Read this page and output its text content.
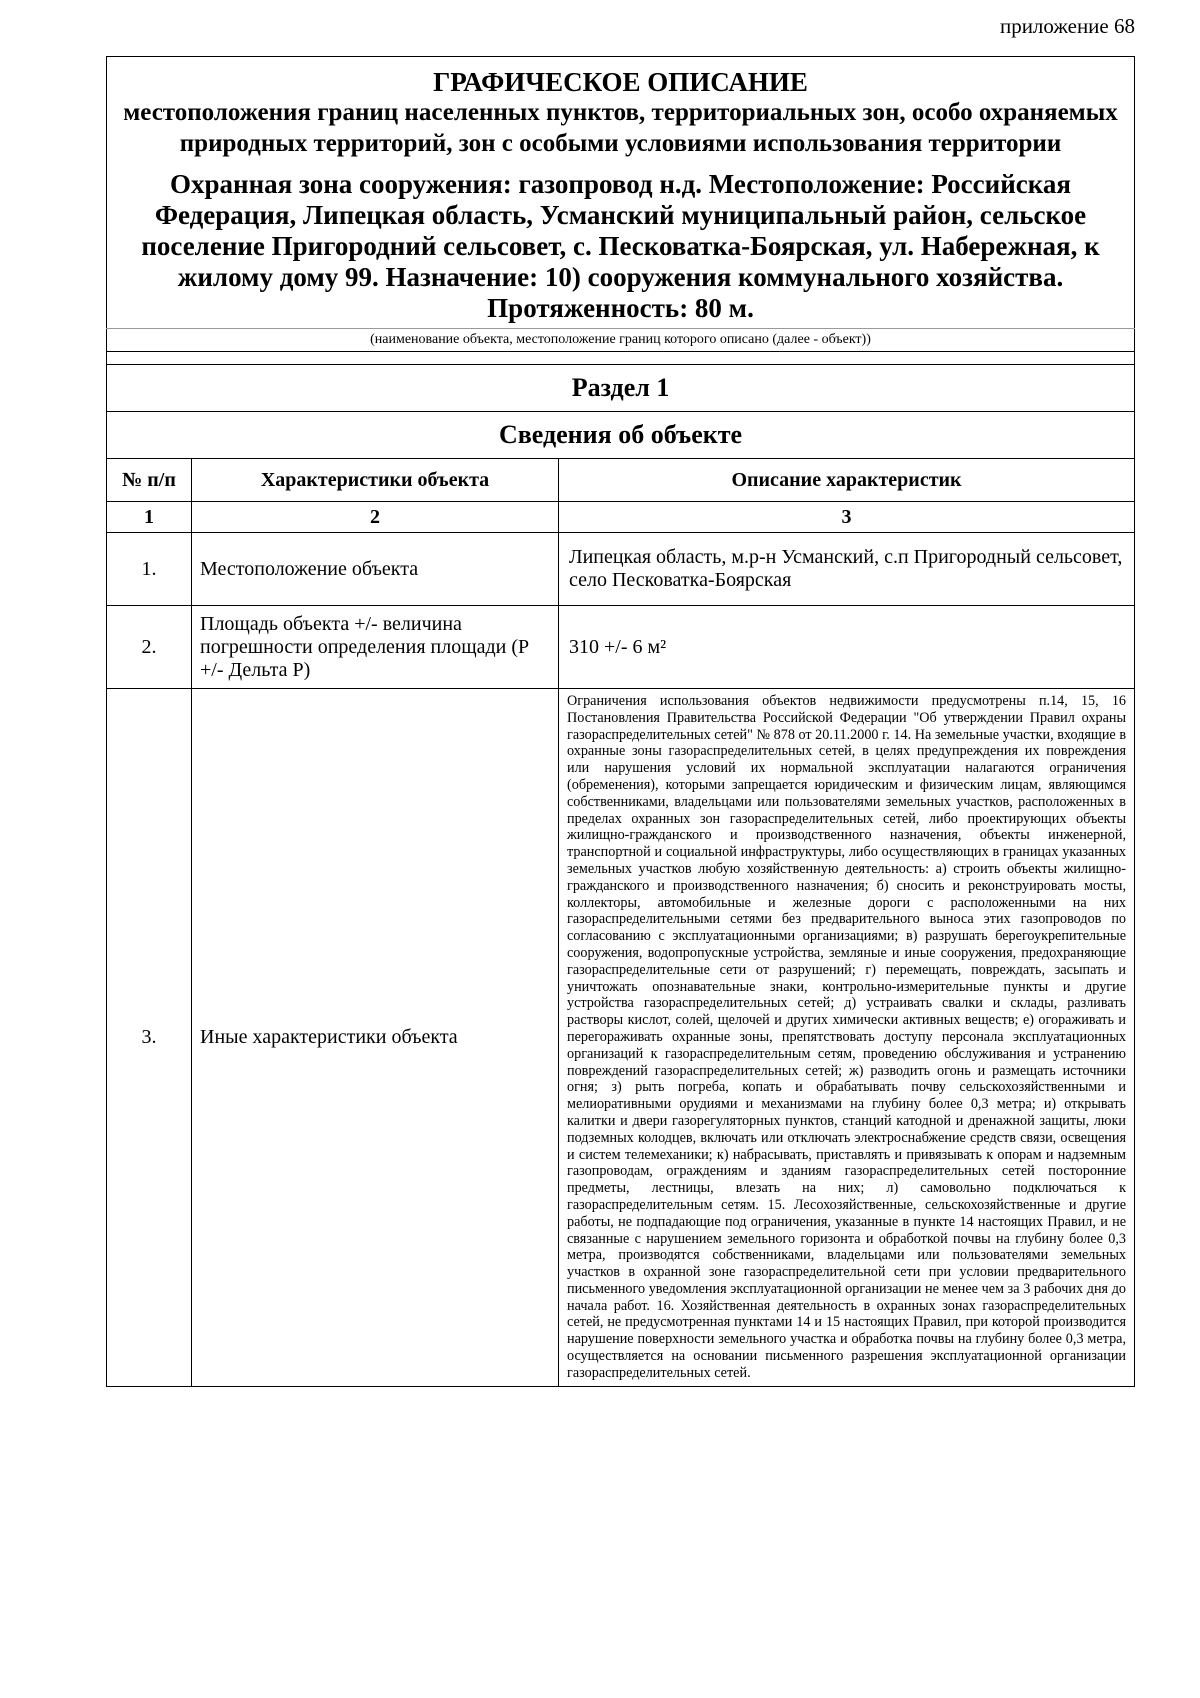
приложение 68
ГРАФИЧЕСКОЕ ОПИСАНИЕ
местоположения границ населенных пунктов, территориальных зон, особо охраняемых природных территорий, зон с особыми условиями использования территории
Охранная зона сооружения: газопровод н.д. Местоположение: Российская Федерация, Липецкая область, Усманский муниципальный район, сельское поселение Пригородний сельсовет, с. Песковатка-Боярская, ул. Набережная, к жилому дому 99. Назначение: 10) сооружения коммунального хозяйства. Протяженность: 80 м.		

(наименование объекта, местоположение границ которого описано (далее - объект))		

Раздел 1		
Сведения об объекте		
№ п/п	Характеристики объекта	Описание характеристик
1	2	3
1.	Местоположение объекта	Липецкая область, м.р-н Усманский, с.п Пригородный сельсовет, село Песковатка-Боярская
2.	Площадь объекта +/- величина погрешности определения площади (Р +/- Дельта Р)	310 +/- 6 м²
3.	Иные характеристики объекта	Ограничения использования объектов недвижимости предусмотрены п.14, 15, 16 Постановления Правительства Российской Федерации "Об утверждении Правил охраны газораспределительных сетей" № 878 от 20.11.2000 г. 14. На земельные участки, входящие в охранные зоны газораспределительных сетей, в целях предупреждения их повреждения или нарушения условий их нормальной эксплуатации налагаются ограничения (обременения), которыми запрещается юридическим и физическим лицам, являющимся собственниками, владельцами или пользователями земельных участков, расположенных в пределах охранных зон газораспределительных сетей, либо проектирующих объекты жилищно-гражданского и производственного назначения, объекты инженерной, транспортной и социальной инфраструктуры, либо осуществляющих в границах указанных земельных участков любую хозяйственную деятельность: а) строить объекты жилищно-гражданского и производственного назначения; б) сносить и реконструировать мосты, коллекторы, автомобильные и железные дороги с расположенными на них газораспределительными сетями без предварительного выноса этих газопроводов по согласованию с эксплуатационными организациями; в) разрушать берегоукрепительные сооружения, водопропускные устройства, земляные и иные сооружения, предохраняющие газораспределительные сети от разрушений; г) перемещать, повреждать, засыпать и уничтожать опознавательные знаки, контрольно-измерительные пункты и другие устройства газораспределительных сетей; д) устраивать свалки и склады, разливать растворы кислот, солей, щелочей и других химически активных веществ; е) огораживать и перегораживать охранные зоны, препятствовать доступу персонала эксплуатационных организаций к газораспределительным сетям, проведению обслуживания и устранению повреждений газораспределительных сетей; ж) разводить огонь и размещать источники огня; з) рыть погреба, копать и обрабатывать почву сельскохозяйственными и мелиоративными орудиями и механизмами на глубину более 0,3 метра; и) открывать калитки и двери газорегуляторных пунктов, станций катодной и дренажной защиты, люки подземных колодцев, включать или отключать электроснабжение средств связи, освещения и систем телемеханики; к) набрасывать, приставлять и привязывать к опорам и надземным газопроводам, ограждениям и зданиям газораспределительных сетей посторонние предметы, лестницы, влезать на них; л) самовольно подключаться к газораспределительным сетям. 15. Лесохозяйственные, сельскохозяйственные и другие работы, не подпадающие под ограничения, указанные в пункте 14 настоящих Правил, и не связанные с нарушением земельного горизонта и обработкой почвы на глубину более 0,3 метра, производятся собственниками, владельцами или пользователями земельных участков в охранной зоне газораспределительной сети при условии предварительного письменного уведомления эксплуатационной организации не менее чем за 3 рабочих дня до начала работ. 16. Хозяйственная деятельность в охранных зонах газораспределительных сетей, не предусмотренная пунктами 14 и 15 настоящих Правил, при которой производится нарушение поверхности земельного участка и обработка почвы на глубину более 0,3 метра, осуществляется на основании письменного разрешения эксплуатационной организации газораспределительных сетей.
